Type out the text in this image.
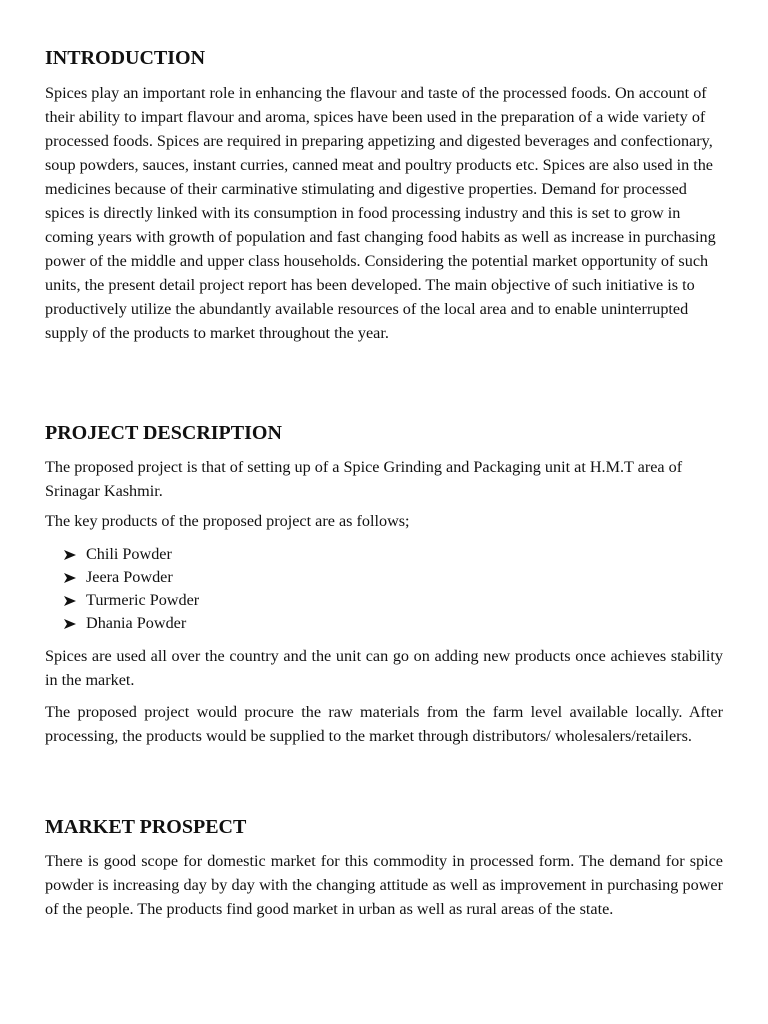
INTRODUCTION

Spices play an important role in enhancing the flavour and taste of the processed foods. On account of their ability to impart flavour and aroma, spices have been used in the preparation of a wide variety of processed foods. Spices are required in preparing appetizing and digested beverages and confectionary, soup powders, sauces, instant curries, canned meat and poultry products etc. Spices are also used in the medicines because of their carminative stimulating and digestive properties. Demand for processed spices is directly linked with its consumption in food processing industry and this is set to grow in coming years with growth of population and fast changing food habits as well as increase in purchasing power of the middle and upper class households. Considering the potential market opportunity of such units, the present detail project report has been developed. The main objective of such initiative is to productively utilize the abundantly available resources of the local area and to enable uninterrupted supply of the products to market throughout the year.

PROJECT DESCRIPTION

The proposed project is that of setting up of a Spice Grinding and Packaging unit at H.M.T area of Srinagar Kashmir.

The key products of the proposed project are as follows;

Chili Powder
Jeera Powder
Turmeric Powder
Dhania Powder

Spices are used all over the country and the unit can go on adding new products once achieves stability in the market.

The proposed project would procure the raw materials from the farm level available locally. After processing, the products would be supplied to the market through distributors/ wholesalers/retailers.

MARKET PROSPECT

There is good scope for domestic market for this commodity in processed form. The demand for spice powder is increasing day by day with the changing attitude as well as improvement in purchasing power of the people. The products find good market in urban as well as rural areas of the state.
